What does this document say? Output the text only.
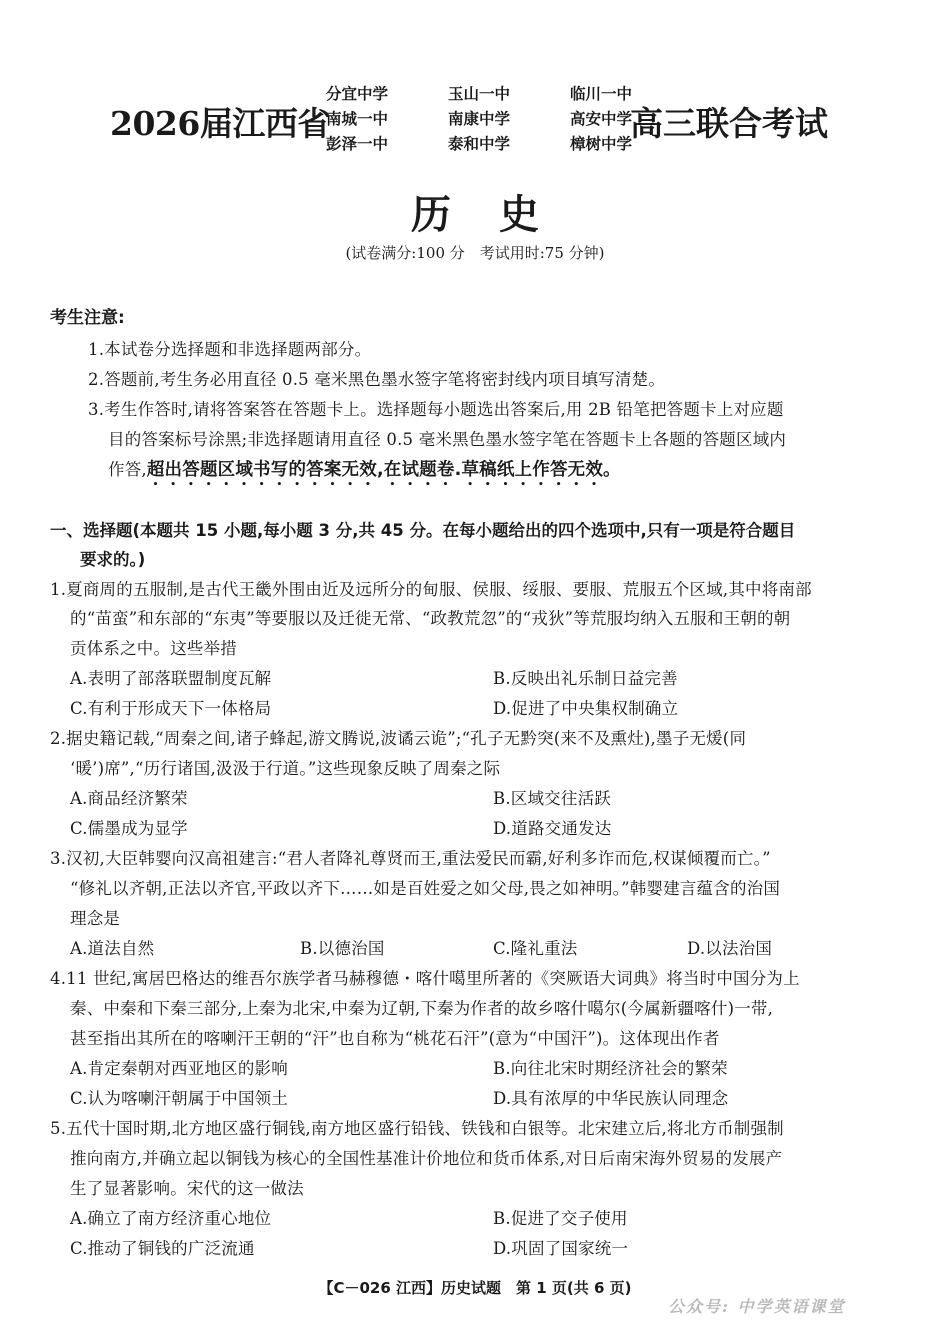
2026届江西省
分宜中学	玉山一中	临川一中
南城一中	南康中学	高安中学
彭泽一中	泰和中学	樟树中学
高三联合考试
历史
(试卷满分:100 分　考试用时:75 分钟)
考生注意:
1.本试卷分选择题和非选择题两部分。
2.答题前,考生务必用直径 0.5 毫米黑色墨水签字笔将密封线内项目填写清楚。
3.考生作答时,请将答案答在答题卡上。选择题每小题选出答案后,用 2B 铅笔把答题卡上对应题
目的答案标号涂黑;非选择题请用直径 0.5 毫米黑色墨水签字笔在答题卡上各题的答题区域内
作答,超出答题区域书写的答案无效,在试题卷.草稿纸上作答无效。
一、选择题(本题共 15 小题,每小题 3 分,共 45 分。在每小题给出的四个选项中,只有一项是符合题目
要求的。)
1.夏商周的五服制,是古代王畿外围由近及远所分的甸服、侯服、绥服、要服、荒服五个区域,其中将南部
的“苗蛮”和东部的“东夷”等要服以及迁徙无常、“政教荒忽”的“戎狄”等荒服均纳入五服和王朝的朝
贡体系之中。这些举措
A.表明了部落联盟制度瓦解	B.反映出礼乐制日益完善
C.有利于形成天下一体格局	D.促进了中央集权制确立
2.据史籍记载,“周秦之间,诸子蜂起,游文腾说,波谲云诡”;“孔子无黔突(来不及熏灶),墨子无煖(同
‘暖’)席”,“历行诸国,汲汲于行道。”这些现象反映了周秦之际
A.商品经济繁荣	B.区域交往活跃
C.儒墨成为显学	D.道路交通发达
3.汉初,大臣韩婴向汉高祖建言:“君人者降礼尊贤而王,重法爱民而霸,好利多诈而危,权谋倾覆而亡。”
“修礼以齐朝,正法以齐官,平政以齐下……如是百姓爱之如父母,畏之如神明。”韩婴建言蕴含的治国
理念是
A.道法自然	B.以德治国	C.隆礼重法	D.以法治国
4.11 世纪,寓居巴格达的维吾尔族学者马赫穆德・喀什噶里所著的《突厥语大词典》将当时中国分为上
秦、中秦和下秦三部分,上秦为北宋,中秦为辽朝,下秦为作者的故乡喀什噶尔(今属新疆喀什)一带,
甚至指出其所在的喀喇汗王朝的“汗”也自称为“桃花石汗”(意为“中国汗”)。这体现出作者
A.肯定秦朝对西亚地区的影响	B.向往北宋时期经济社会的繁荣
C.认为喀喇汗朝属于中国领土	D.具有浓厚的中华民族认同理念
5.五代十国时期,北方地区盛行铜钱,南方地区盛行铅钱、铁钱和白银等。北宋建立后,将北方币制强制
推向南方,并确立起以铜钱为核心的全国性基准计价地位和货币体系,对日后南宋海外贸易的发展产
生了显著影响。宋代的这一做法
A.确立了南方经济重心地位	B.促进了交子使用
C.推动了铜钱的广泛流通	D.巩固了国家统一
【C－026 江西】历史试题　第 1 页(共 6 页)
公众号: 中学英语课堂
